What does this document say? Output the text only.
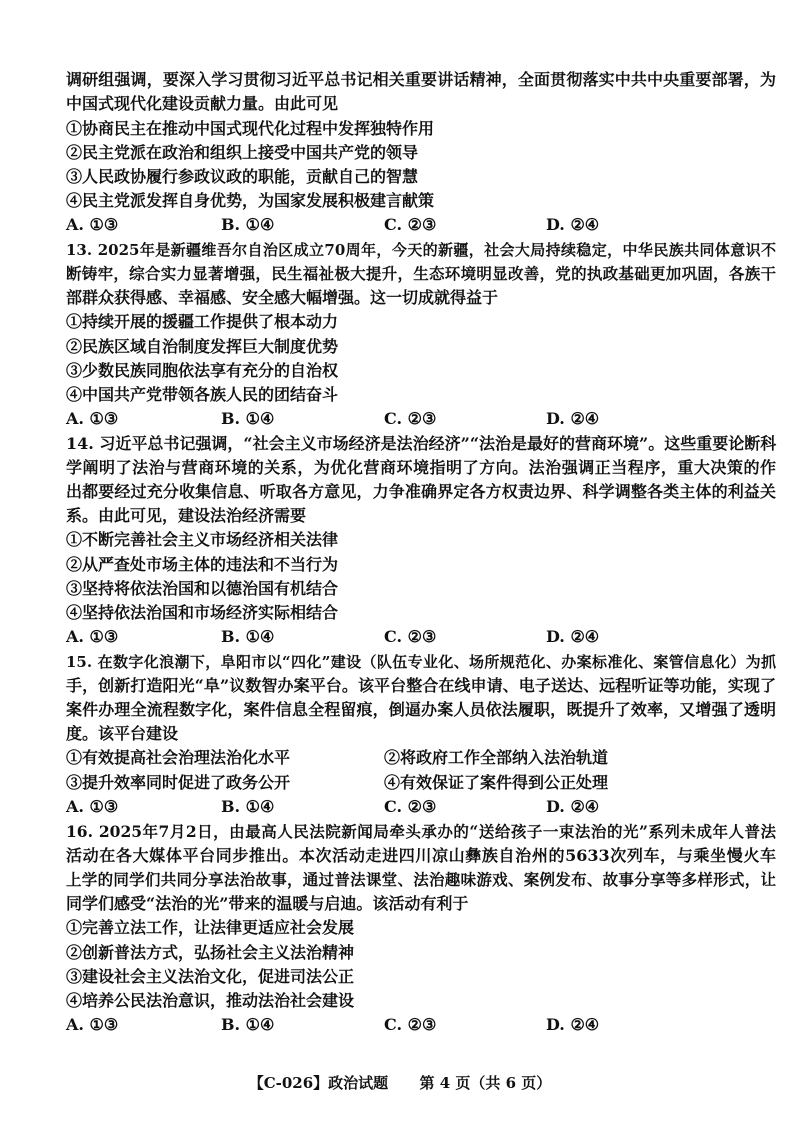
调研组强调，要深入学习贯彻习近平总书记相关重要讲话精神，全面贯彻落实中共中央重要部署，为
中国式现代化建设贡献力量。由此可见
①协商民主在推动中国式现代化过程中发挥独特作用
②民主党派在政治和组织上接受中国共产党的领导
③人民政协履行参政议政的职能，贡献自己的智慧
④民主党派发挥自身优势，为国家发展积极建言献策
A. ①③	B. ①④	C. ②③	D. ②④
13. 2025年是新疆维吾尔自治区成立70周年，今天的新疆，社会大局持续稳定，中华民族共同体意识不
断铸牢，综合实力显著增强，民生福祉极大提升，生态环境明显改善，党的执政基础更加巩固，各族干
部群众获得感、幸福感、安全感大幅增强。这一切成就得益于
①持续开展的援疆工作提供了根本动力
②民族区域自治制度发挥巨大制度优势
③少数民族同胞依法享有充分的自治权
④中国共产党带领各族人民的团结奋斗
A. ①③	B. ①④	C. ②③	D. ②④
14. 习近平总书记强调，“社会主义市场经济是法治经济”“法治是最好的营商环境”。这些重要论断科
学阐明了法治与营商环境的关系，为优化营商环境指明了方向。法治强调正当程序，重大决策的作
出都要经过充分收集信息、听取各方意见，力争准确界定各方权责边界、科学调整各类主体的利益关
系。由此可见，建设法治经济需要
①不断完善社会主义市场经济相关法律
②从严查处市场主体的违法和不当行为
③坚持将依法治国和以德治国有机结合
④坚持依法治国和市场经济实际相结合
A. ①③	B. ①④	C. ②③	D. ②④
15. 在数字化浪潮下，阜阳市以“四化”建设（队伍专业化、场所规范化、办案标准化、案管信息化）为抓
手，创新打造阳光“阜”议数智办案平台。该平台整合在线申请、电子送达、远程听证等功能，实现了
案件办理全流程数字化，案件信息全程留痕，倒逼办案人员依法履职，既提升了效率，又增强了透明
度。该平台建设
①有效提高社会治理法治化水平	②将政府工作全部纳入法治轨道
③提升效率同时促进了政务公开	④有效保证了案件得到公正处理
A. ①③	B. ①④	C. ②③	D. ②④
16. 2025年7月2日，由最高人民法院新闻局牵头承办的“送给孩子一束法治的光”系列未成年人普法
活动在各大媒体平台同步推出。本次活动走进四川凉山彝族自治州的5633次列车，与乘坐慢火车
上学的同学们共同分享法治故事，通过普法课堂、法治趣味游戏、案例发布、故事分享等多样形式，让
同学们感受“法治的光”带来的温暖与启迪。该活动有利于
①完善立法工作，让法律更适应社会发展
②创新普法方式，弘扬社会主义法治精神
③建设社会主义法治文化，促进司法公正
④培养公民法治意识，推动法治社会建设
A. ①③	B. ①④	C. ②③	D. ②④
【C-026】政治试题 第 4 页（共 6 页）
